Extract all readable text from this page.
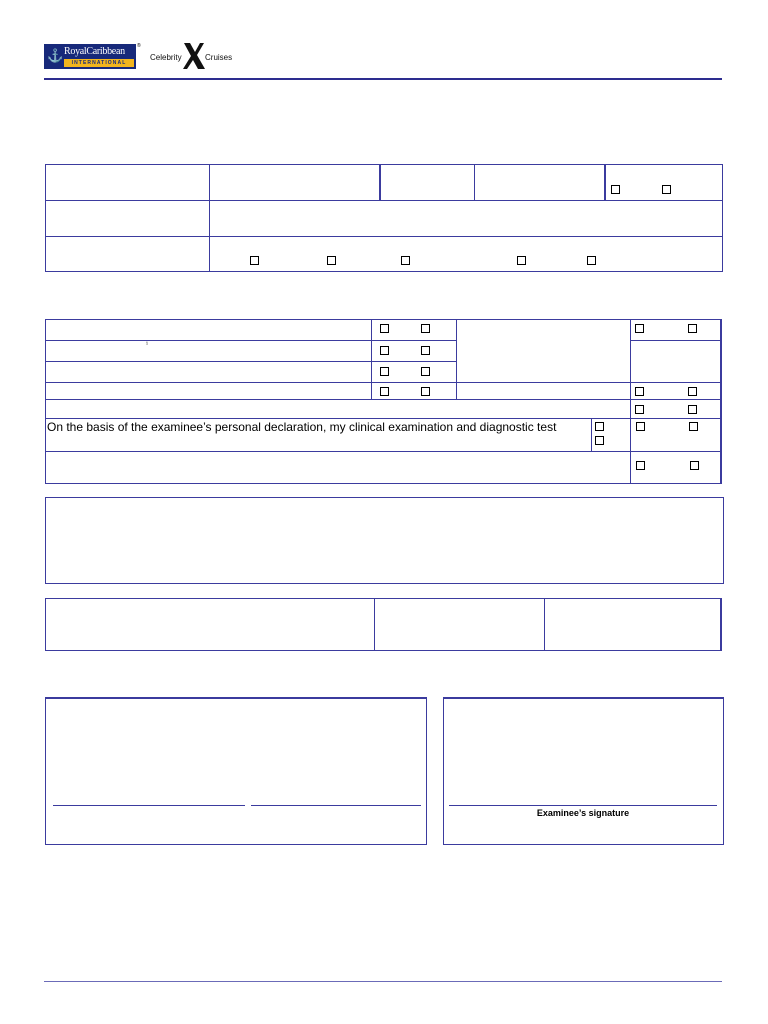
⚓ RoyalCaribbean
INTERNATIONAL
®
Celebrity	Cruises
¹
On the basis of the examinee’s personal declaration, my clinical examination and diagnostic test
Examinee’s signature
